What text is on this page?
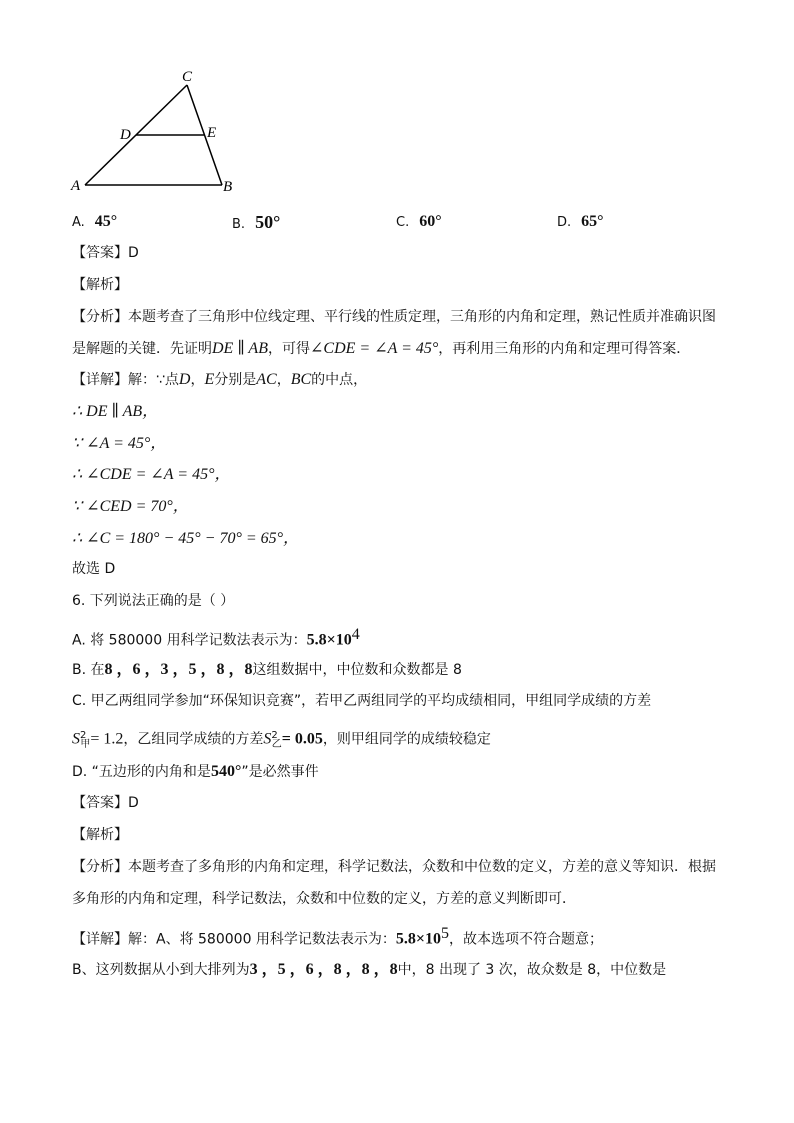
C
D	E
A	B
A. 45°	B. 50°	C. 60°	D. 65°
【答案】D
【解析】
【分析】本题考查了三角形中位线定理、平行线的性质定理，三角形的内角和定理，熟记性质并准确识图
是解题的关键．先证明DE ∥ AB，可得∠CDE = ∠A = 45°，再利用三角形的内角和定理可得答案．
【详解】解：∵点D，E分别是AC，BC的中点，
∴ DE ∥ AB，
∵ ∠A = 45°，
∴ ∠CDE = ∠A = 45°，
∵ ∠CED = 70°，
∴ ∠C = 180° − 45° − 70° = 65°，
故选 D
6. 下列说法正确的是（ ）
A. 将 580000 用科学记数法表示为：$5.8\times 10^4$
B. 在8 ，6 ，3 ，5 ，8 ，8这组数据中，中位数和众数都是 8
C. 甲乙两组同学参加“环保知识竞赛”，若甲乙两组同学的平均成绩相同，甲组同学成绩的方差
$S^2_甲= 1.2$，乙组同学成绩的方差$S^2_乙= 0.05$，则甲组同学的成绩较稳定
D. “五边形的内角和是540°”是必然事件
【答案】D
【解析】
【分析】本题考查了多角形的内角和定理，科学记数法，众数和中位数的定义，方差的意义等知识．根据
多角形的内角和定理，科学记数法，众数和中位数的定义，方差的意义判断即可．
【详解】解：A、将 580000 用科学记数法表示为：$5.8\times 10^5$，故本选项不符合题意；
B、这列数据从小到大排列为3 ，5 ，6 ，8 ，8 ，8中，8 出现了 3 次，故众数是 8，中位数是
